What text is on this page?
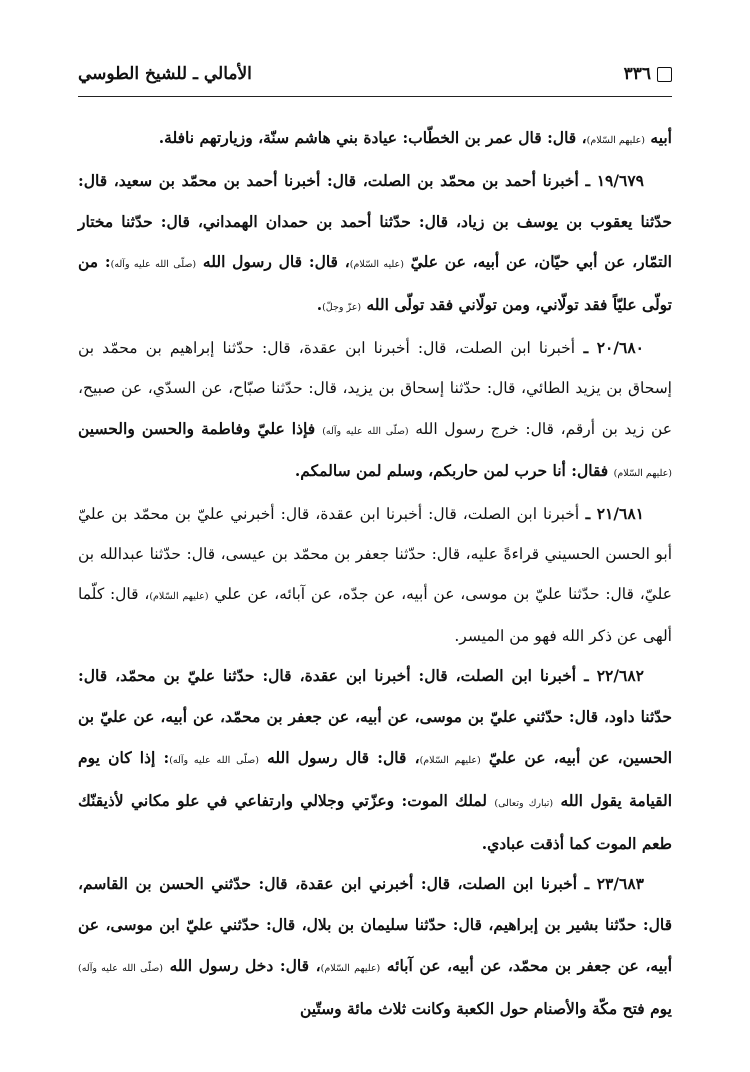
٣٣٦
الأمالي ـ للشيخ الطوسي

أبيه (عليهم السّلام)، قال: قال عمر بن الخطّاب: عيادة بني هاشم سنّة، وزيارتهم نافلة.

١٩/٦٧٩ ـ أخبرنا أحمد بن محمّد بن الصلت، قال: أخبرنا أحمد بن محمّد بن سعيد، قال: حدّثنا يعقوب بن يوسف بن زياد، قال: حدّثنا أحمد بن حمدان الهمداني، قال: حدّثنا مختار التمّار، عن أبي حيّان، عن أبيه، عن عليّ (عليه السّلام)، قال: قال رسول الله (صلّى الله عليه وآله): من تولّى عليّاً فقد تولّاني، ومن تولّاني فقد تولّى الله (عزّ وجلّ).

٢٠/٦٨٠ ـ أخبرنا ابن الصلت، قال: أخبرنا ابن عقدة، قال: حدّثنا إبراهيم بن محمّد بن إسحاق بن يزيد الطائي، قال: حدّثنا إسحاق بن يزيد، قال: حدّثنا صبّاح، عن السدّي، عن صبيح، عن زيد بن أرقم، قال: خرج رسول الله (صلّى الله عليه وآله) فإذا عليّ وفاطمة والحسن والحسين (عليهم السّلام) فقال: أنا حرب لمن حاربكم، وسلم لمن سالمكم.

٢١/٦٨١ ـ أخبرنا ابن الصلت، قال: أخبرنا ابن عقدة، قال: أخبرني عليّ بن محمّد بن عليّ أبو الحسن الحسيني قراءةً عليه، قال: حدّثنا جعفر بن محمّد بن عيسى، قال: حدّثنا عبدالله بن عليّ، قال: حدّثنا عليّ بن موسى، عن أبيه، عن جدّه، عن آبائه، عن علي (عليهم السّلام)، قال: كلّما ألهى عن ذكر الله فهو من الميسر.

٢٢/٦٨٢ ـ أخبرنا ابن الصلت، قال: أخبرنا ابن عقدة، قال: حدّثنا عليّ بن محمّد، قال: حدّثنا داود، قال: حدّثني عليّ بن موسى، عن أبيه، عن جعفر بن محمّد، عن أبيه، عن عليّ بن الحسين، عن أبيه، عن عليّ (عليهم السّلام)، قال: قال رسول الله (صلّى الله عليه وآله): إذا كان يوم القيامة يقول الله (تبارك وتعالى) لملك الموت: وعزّتي وجلالي وارتفاعي في علو مكاني لأذيقنّك طعم الموت كما أذقت عبادي.

٢٣/٦٨٣ ـ أخبرنا ابن الصلت، قال: أخبرني ابن عقدة، قال: حدّثني الحسن بن القاسم، قال: حدّثنا بشير بن إبراهيم، قال: حدّثنا سليمان بن بلال، قال: حدّثني عليّ ابن موسى، عن أبيه، عن جعفر بن محمّد، عن أبيه، عن آبائه (عليهم السّلام)، قال: دخل رسول الله (صلّى الله عليه وآله) يوم فتح مكّة والأصنام حول الكعبة وكانت ثلاث مائة وستّين
